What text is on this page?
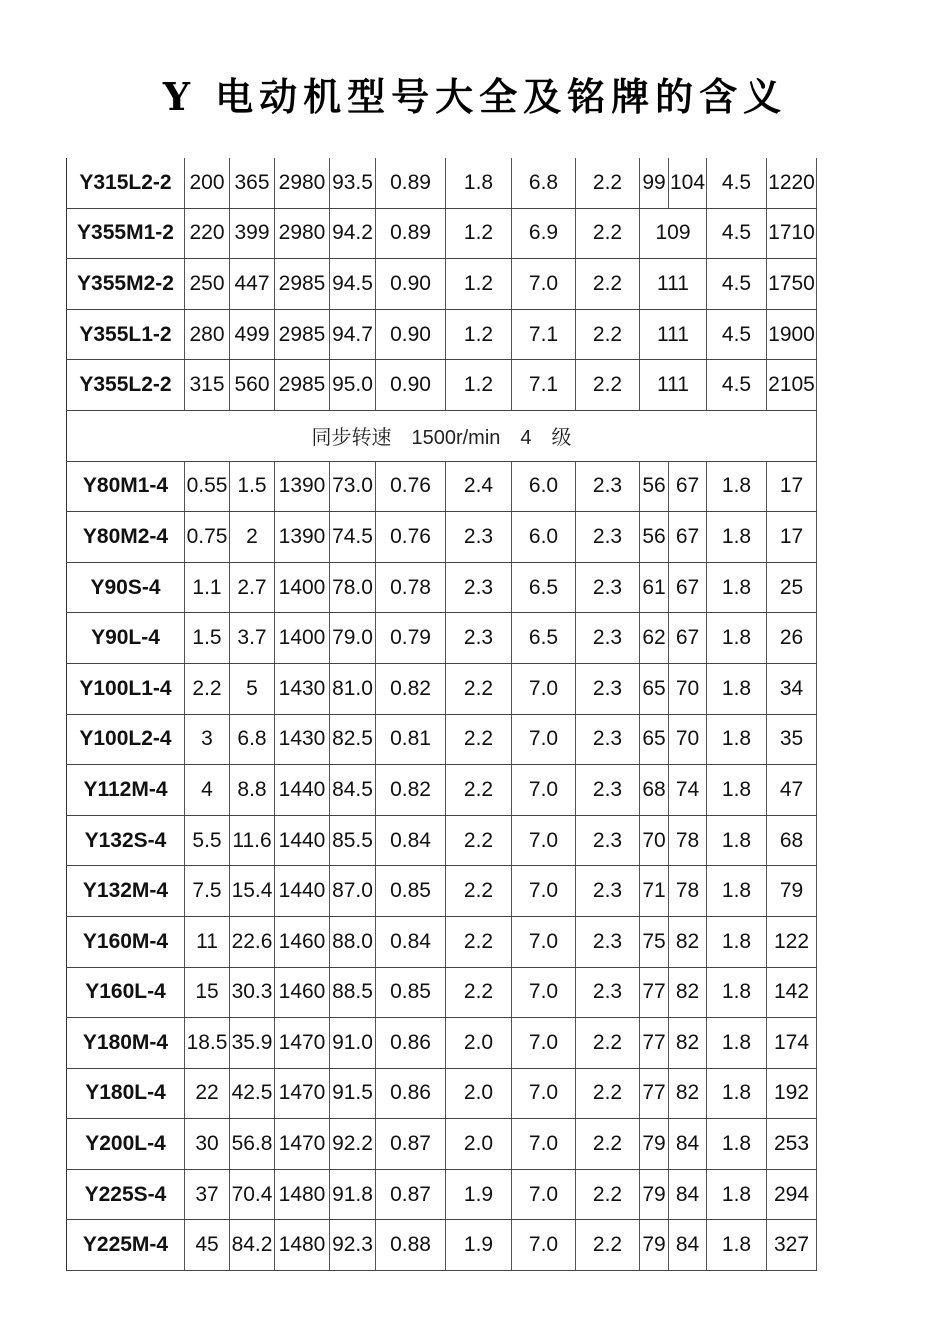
Y 电动机型号大全及铭牌的含义
Y315L2-2	200	365	2980	93.5	0.89	1.8	6.8	2.2	99	104	4.5	1220
Y355M1-2	220	399	2980	94.2	0.89	1.2	6.9	2.2	109		4.5	1710
Y355M2-2	250	447	2985	94.5	0.90	1.2	7.0	2.2	111		4.5	1750
Y355L1-2	280	499	2985	94.7	0.90	1.2	7.1	2.2	111		4.5	1900
Y355L2-2	315	560	2985	95.0	0.90	1.2	7.1	2.2	111		4.5	2105
同步转速 1500r/min 4 级												
Y80M1-4	0.55	1.5	1390	73.0	0.76	2.4	6.0	2.3	56	67	1.8	17
Y80M2-4	0.75	2	1390	74.5	0.76	2.3	6.0	2.3	56	67	1.8	17
Y90S-4	1.1	2.7	1400	78.0	0.78	2.3	6.5	2.3	61	67	1.8	25
Y90L-4	1.5	3.7	1400	79.0	0.79	2.3	6.5	2.3	62	67	1.8	26
Y100L1-4	2.2	5	1430	81.0	0.82	2.2	7.0	2.3	65	70	1.8	34
Y100L2-4	3	6.8	1430	82.5	0.81	2.2	7.0	2.3	65	70	1.8	35
Y112M-4	4	8.8	1440	84.5	0.82	2.2	7.0	2.3	68	74	1.8	47
Y132S-4	5.5	11.6	1440	85.5	0.84	2.2	7.0	2.3	70	78	1.8	68
Y132M-4	7.5	15.4	1440	87.0	0.85	2.2	7.0	2.3	71	78	1.8	79
Y160M-4	11	22.6	1460	88.0	0.84	2.2	7.0	2.3	75	82	1.8	122
Y160L-4	15	30.3	1460	88.5	0.85	2.2	7.0	2.3	77	82	1.8	142
Y180M-4	18.5	35.9	1470	91.0	0.86	2.0	7.0	2.2	77	82	1.8	174
Y180L-4	22	42.5	1470	91.5	0.86	2.0	7.0	2.2	77	82	1.8	192
Y200L-4	30	56.8	1470	92.2	0.87	2.0	7.0	2.2	79	84	1.8	253
Y225S-4	37	70.4	1480	91.8	0.87	1.9	7.0	2.2	79	84	1.8	294
Y225M-4	45	84.2	1480	92.3	0.88	1.9	7.0	2.2	79	84	1.8	327
